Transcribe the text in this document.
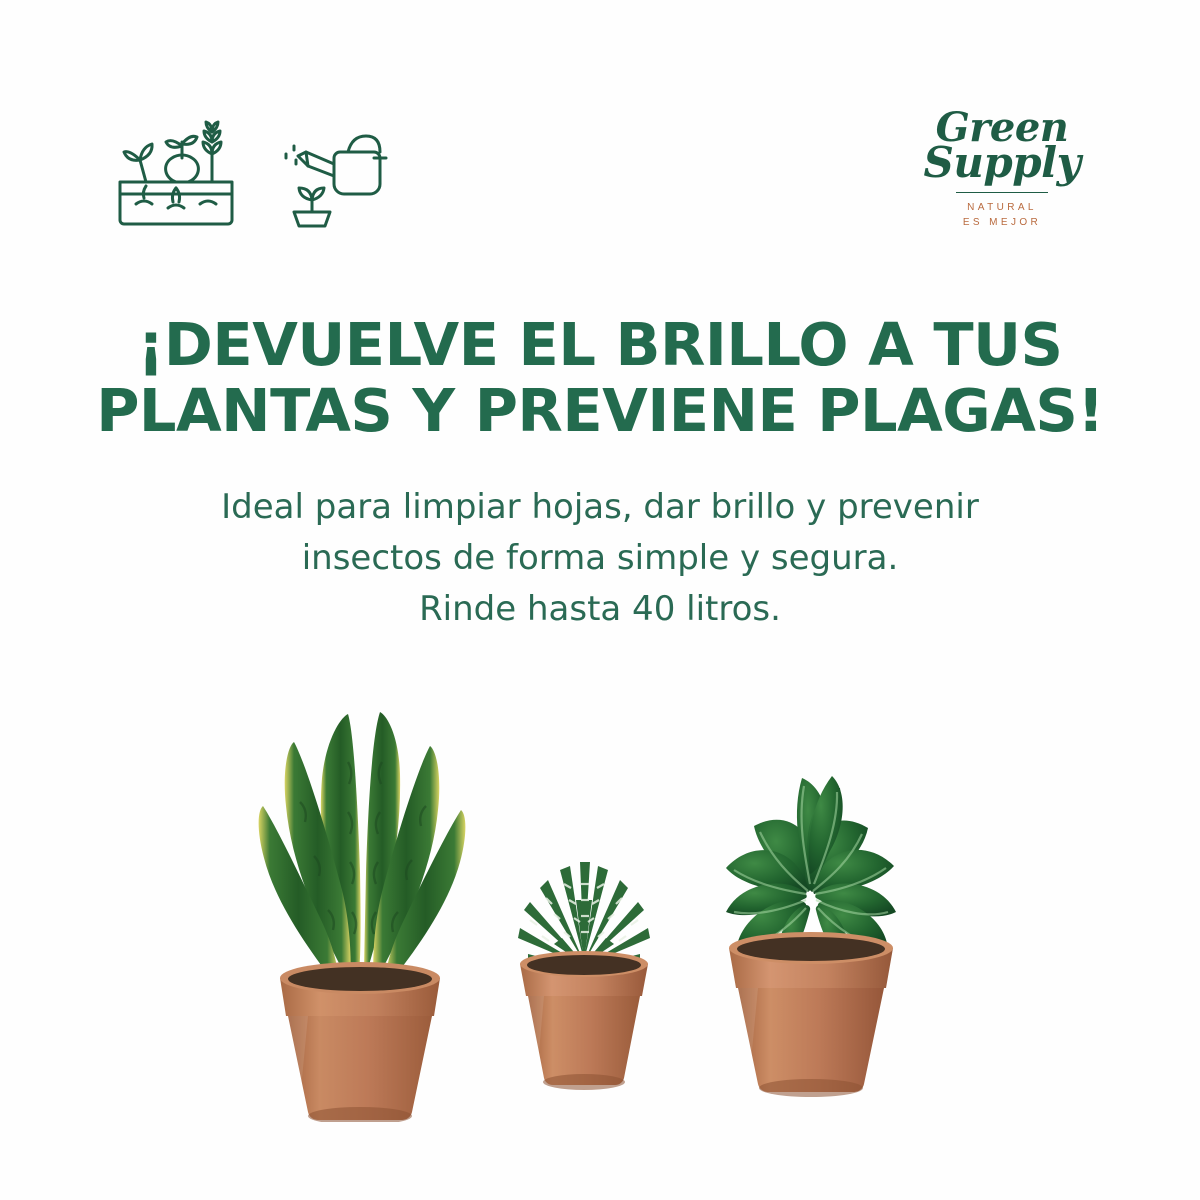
Green
Supply
NATURAL
ES MEJOR
¡DEVUELVE EL BRILLO A TUS
PLANTAS Y PREVIENE PLAGAS!

Ideal para limpiar hojas, dar brillo y prevenir
insectos de forma simple y segura.
Rinde hasta 40 litros.
